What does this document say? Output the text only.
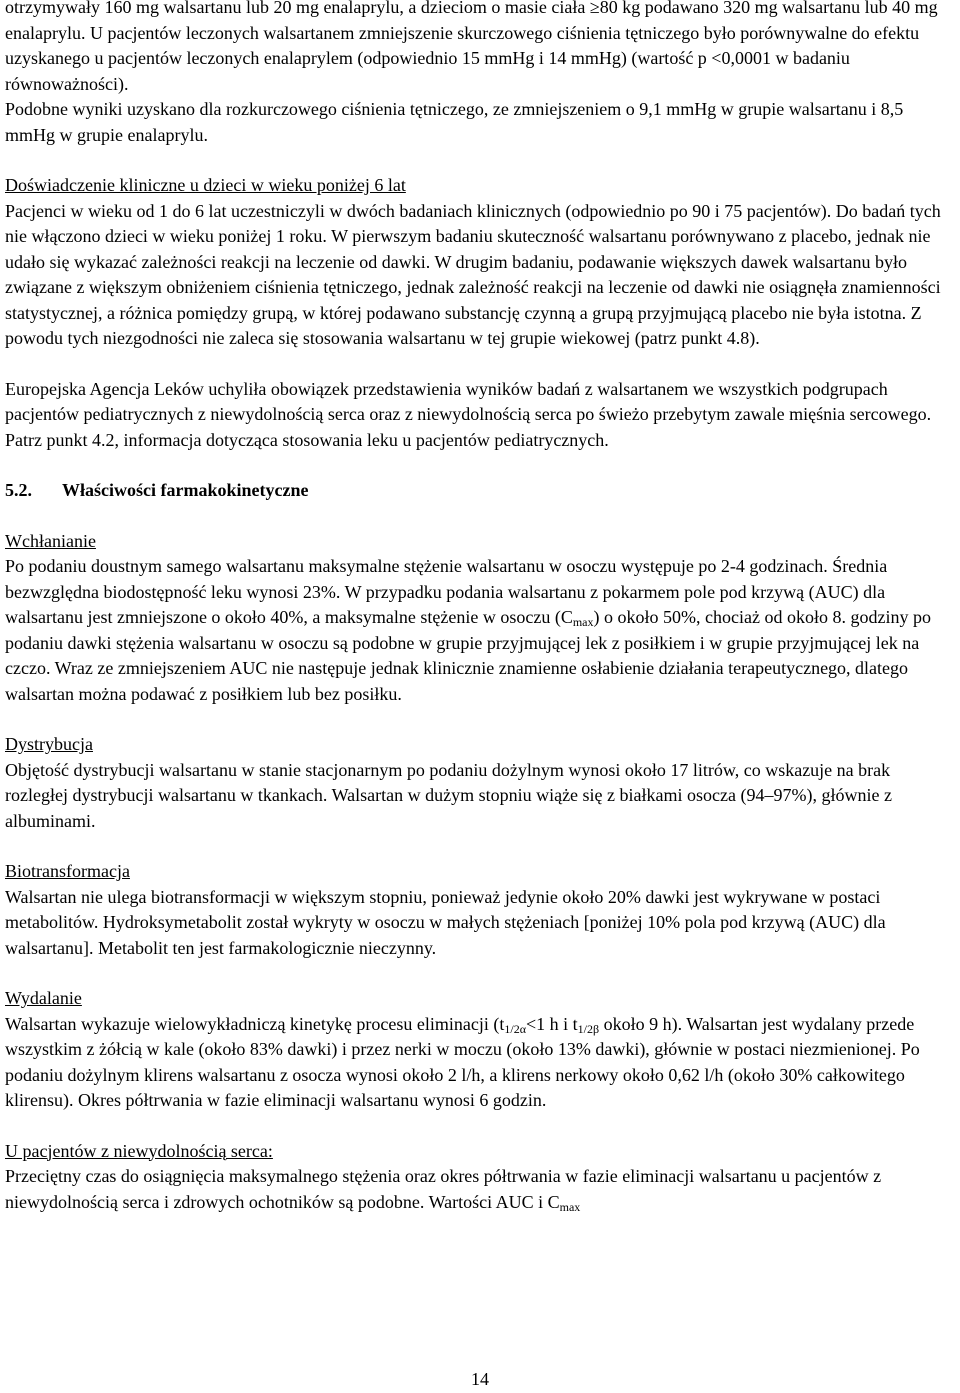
otrzymywały 160 mg walsartanu lub 20 mg enalaprylu, a dzieciom o masie ciała ≥80 kg podawano 320 mg walsartanu lub 40 mg enalaprylu. U pacjentów leczonych walsartanem zmniejszenie skurczowego ciśnienia tętniczego było porównywalne do efektu uzyskanego u pacjentów leczonych enalaprylem (odpowiednio 15 mmHg i 14 mmHg) (wartość p <0,0001 w badaniu równoważności).

Podobne wyniki uzyskano dla rozkurczowego ciśnienia tętniczego, ze zmniejszeniem o 9,1 mmHg w grupie walsartanu i 8,5 mmHg w grupie enalaprylu.

Doświadczenie kliniczne u dzieci w wieku poniżej 6 lat

Pacjenci w wieku od 1 do 6 lat uczestniczyli w dwóch badaniach klinicznych (odpowiednio po 90 i 75 pacjentów). Do badań tych nie włączono dzieci w wieku poniżej 1 roku. W pierwszym badaniu skuteczność walsartanu porównywano z placebo, jednak nie udało się wykazać zależności reakcji na leczenie od dawki. W drugim badaniu, podawanie większych dawek walsartanu było związane z większym obniżeniem ciśnienia tętniczego, jednak zależność reakcji na leczenie od dawki nie osiągnęła znamienności statystycznej, a różnica pomiędzy grupą, w której podawano substancję czynną a grupą przyjmującą placebo nie była istotna. Z powodu tych niezgodności nie zaleca się stosowania walsartanu w tej grupie wiekowej (patrz punkt 4.8).

Europejska Agencja Leków uchyliła obowiązek przedstawienia wyników badań z walsartanem we wszystkich podgrupach pacjentów pediatrycznych z niewydolnością serca oraz z niewydolnością serca po świeżo przebytym zawale mięśnia sercowego. Patrz punkt 4.2, informacja dotycząca stosowania leku u pacjentów pediatrycznych.

5.2. Właściwości farmakokinetyczne

Wchłanianie

Po podaniu doustnym samego walsartanu maksymalne stężenie walsartanu w osoczu występuje po 2-4 godzinach. Średnia bezwzględna biodostępność leku wynosi 23%. W przypadku podania walsartanu z pokarmem pole pod krzywą (AUC) dla walsartanu jest zmniejszone o około 40%, a maksymalne stężenie w osoczu $(C_{max})$ o około 50%, chociaż od około 8. godziny po podaniu dawki stężenia walsartanu w osoczu są podobne w grupie przyjmującej lek z posiłkiem i w grupie przyjmującej lek na czczo. Wraz ze zmniejszeniem AUC nie następuje jednak klinicznie znamienne osłabienie działania terapeutycznego, dlatego walsartan można podawać z posiłkiem lub bez posiłku.

Dystrybucja

Objętość dystrybucji walsartanu w stanie stacjonarnym po podaniu dożylnym wynosi około 17 litrów, co wskazuje na brak rozległej dystrybucji walsartanu w tkankach. Walsartan w dużym stopniu wiąże się z białkami osocza (94–97%), głównie z albuminami.

Biotransformacja

Walsartan nie ulega biotransformacji w większym stopniu, ponieważ jedynie około 20% dawki jest wykrywane w postaci metabolitów. Hydroksymetabolit został wykryty w osoczu w małych stężeniach [poniżej 10% pola pod krzywą (AUC) dla walsartanu]. Metabolit ten jest farmakologicznie nieczynny.

Wydalanie

Walsartan wykazuje wielowykładniczą kinetykę procesu eliminacji ($t_{1/2\alpha}<1$ h i $t_{1/2\beta}$ około 9 h). Walsartan jest wydalany przede wszystkim z żółcią w kale (około 83% dawki) i przez nerki w moczu (około 13% dawki), głównie w postaci niezmienionej. Po podaniu dożylnym klirens walsartanu z osocza wynosi około 2 l/h, a klirens nerkowy około 0,62 l/h (około 30% całkowitego klirensu). Okres półtrwania w fazie eliminacji walsartanu wynosi 6 godzin.

U pacjentów z niewydolnością serca:

Przeciętny czas do osiągnięcia maksymalnego stężenia oraz okres półtrwania w fazie eliminacji walsartanu u pacjentów z niewydolnością serca i zdrowych ochotników są podobne. Wartości AUC i $C_{max}$

14
